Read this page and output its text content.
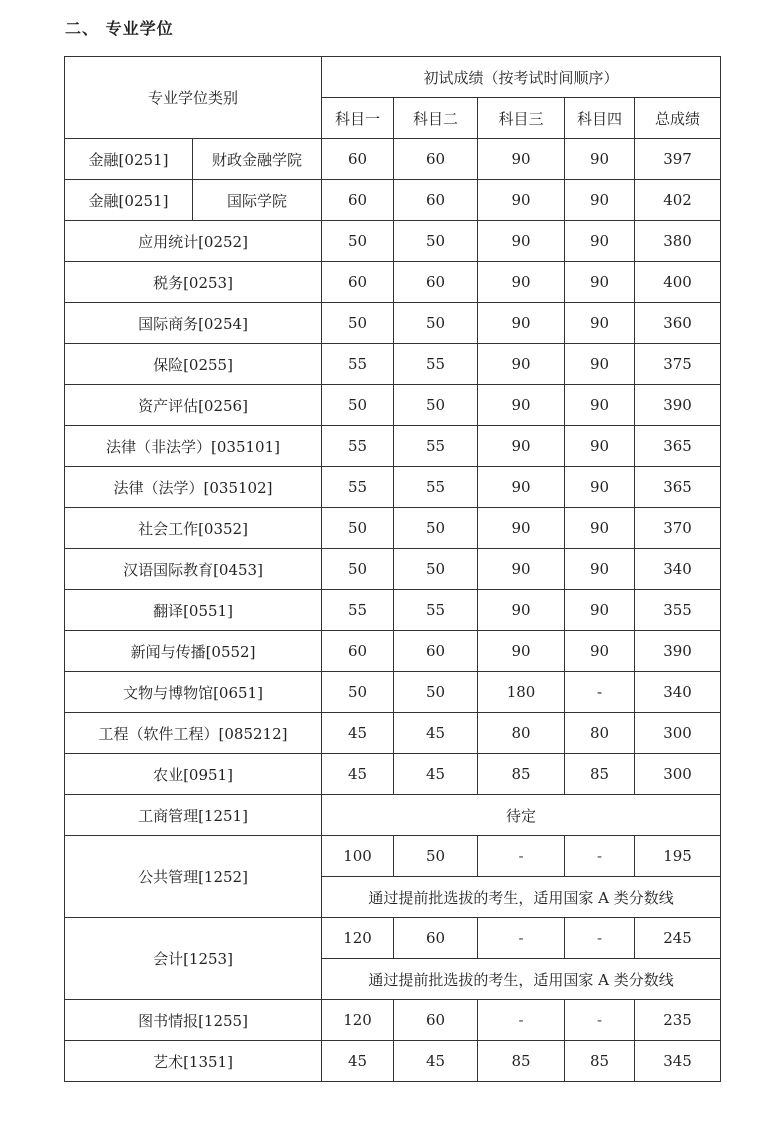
二、 专业学位
专业学位类别		初试成绩（按考试时间顺序）				
		科目一	科目二	科目三	科目四	总成绩
金融[0251]	财政金融学院	60	60	90	90	397
金融[0251]	国际学院	60	60	90	90	402
应用统计[0252]		50	50	90	90	380
税务[0253]		60	60	90	90	400
国际商务[0254]		50	50	90	90	360
保险[0255]		55	55	90	90	375
资产评估[0256]		50	50	90	90	390
法律（非法学）[035101]		55	55	90	90	365
法律（法学）[035102]		55	55	90	90	365
社会工作[0352]		50	50	90	90	370
汉语国际教育[0453]		50	50	90	90	340
翻译[0551]		55	55	90	90	355
新闻与传播[0552]		60	60	90	90	390
文物与博物馆[0651]		50	50	180	-	340
工程（软件工程）[085212]		45	45	80	80	300
农业[0951]		45	45	85	85	300
工商管理[1251]		待定				
公共管理[1252]		100	50	-	-	195
		通过提前批选拔的考生，适用国家 A 类分数线				
会计[1253]		120	60	-	-	245
		通过提前批选拔的考生，适用国家 A 类分数线				
图书情报[1255]		120	60	-	-	235
艺术[1351]		45	45	85	85	345
